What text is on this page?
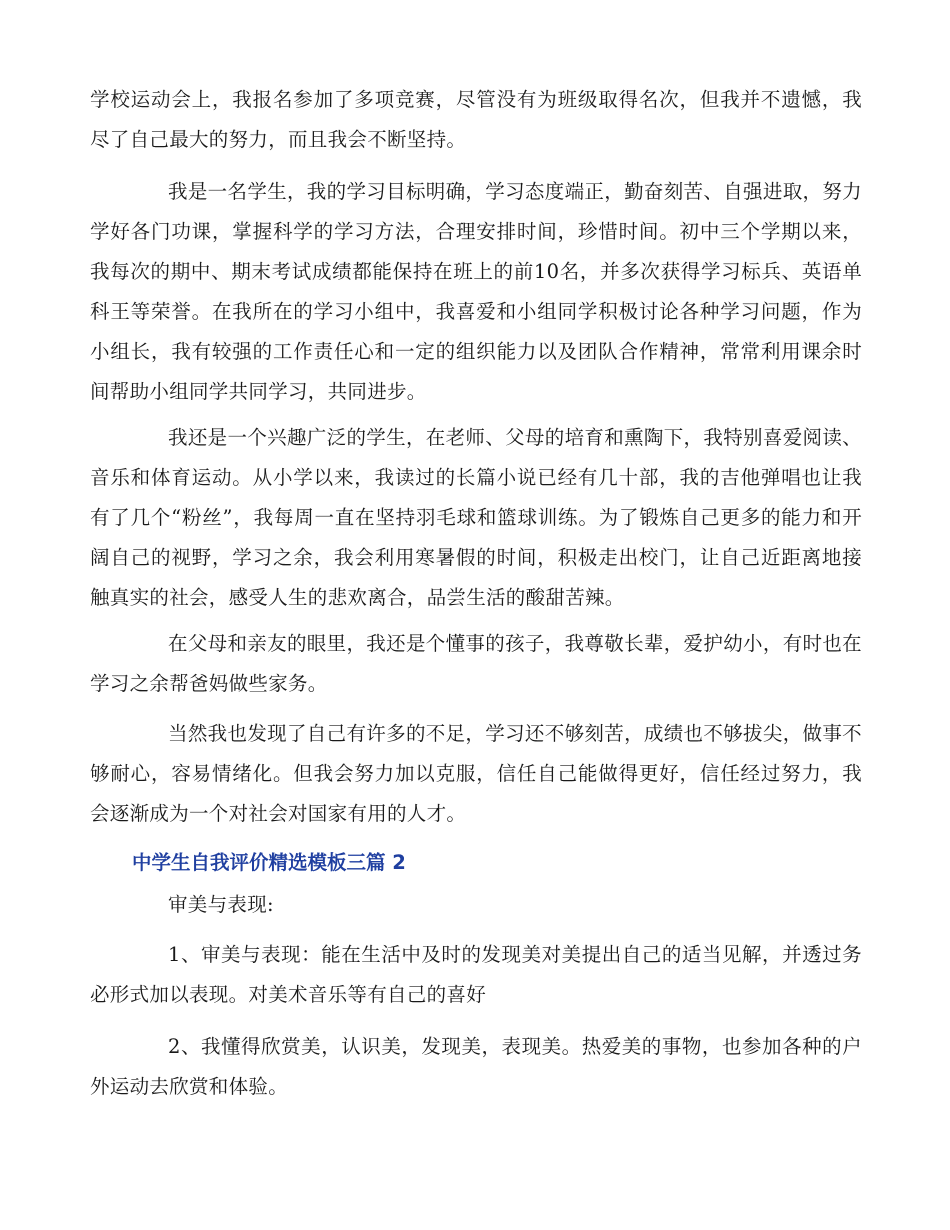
学校运动会上，我报名参加了多项竞赛，尽管没有为班级取得名次，但我并不遗憾，我尽了自己最大的努力，而且我会不断坚持。

我是一名学生，我的学习目标明确，学习态度端正，勤奋刻苦、自强进取，努力学好各门功课，掌握科学的学习方法，合理安排时间，珍惜时间。初中三个学期以来，我每次的期中、期末考试成绩都能保持在班上的前10名，并多次获得学习标兵、英语单科王等荣誉。在我所在的学习小组中，我喜爱和小组同学积极讨论各种学习问题，作为小组长，我有较强的工作责任心和一定的组织能力以及团队合作精神，常常利用课余时间帮助小组同学共同学习，共同进步。

我还是一个兴趣广泛的学生，在老师、父母的培育和熏陶下，我特别喜爱阅读、音乐和体育运动。从小学以来，我读过的长篇小说已经有几十部，我的吉他弹唱也让我有了几个“粉丝”，我每周一直在坚持羽毛球和篮球训练。为了锻炼自己更多的能力和开阔自己的视野，学习之余，我会利用寒暑假的时间，积极走出校门，让自己近距离地接触真实的社会，感受人生的悲欢离合，品尝生活的酸甜苦辣。

在父母和亲友的眼里，我还是个懂事的孩子，我尊敬长辈，爱护幼小，有时也在学习之余帮爸妈做些家务。

当然我也发现了自己有许多的不足，学习还不够刻苦，成绩也不够拔尖，做事不够耐心，容易情绪化。但我会努力加以克服，信任自己能做得更好，信任经过努力，我会逐渐成为一个对社会对国家有用的人才。

中学生自我评价精选模板三篇 2

审美与表现:

1、审美与表现：能在生活中及时的发现美对美提出自己的适当见解，并透过务必形式加以表现。对美术音乐等有自己的喜好

2、我懂得欣赏美，认识美，发现美，表现美。热爱美的事物，也参加各种的户外运动去欣赏和体验。
